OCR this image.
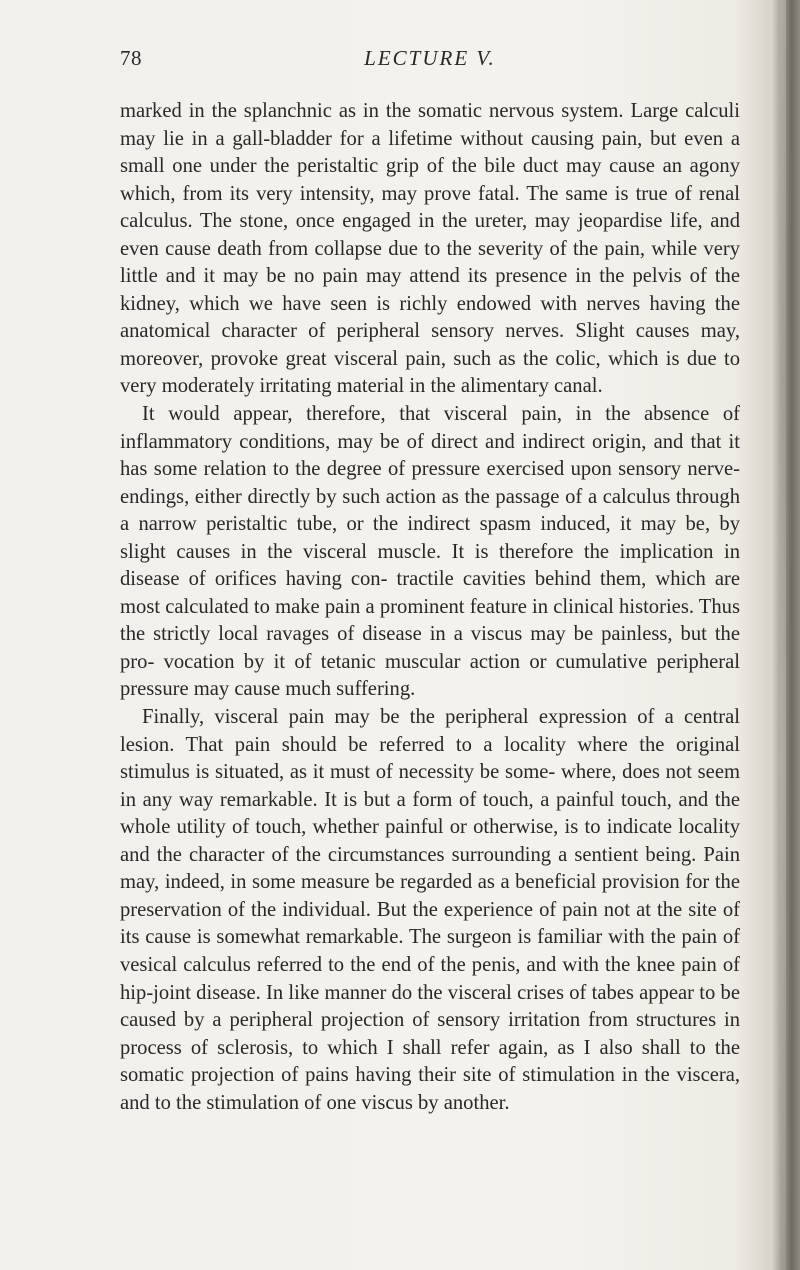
78	LECTURE V.

marked in the splanchnic as in the somatic nervous system. Large calculi may lie in a gall-bladder for a lifetime without causing pain, but even a small one under the peristaltic grip of the bile duct may cause an agony which, from its very intensity, may prove fatal. The same is true of renal calculus. The stone, once engaged in the ureter, may jeopardise life, and even cause death from collapse due to the severity of the pain, while very little and it may be no pain may attend its presence in the pelvis of the kidney, which we have seen is richly endowed with nerves having the anatomical character of peripheral sensory nerves. Slight causes may, moreover, provoke great visceral pain, such as the colic, which is due to very moderately irritating material in the alimentary canal.

It would appear, therefore, that visceral pain, in the absence of inflammatory conditions, may be of direct and indirect origin, and that it has some relation to the degree of pressure exercised upon sensory nerve-endings, either directly by such action as the passage of a calculus through a narrow peristaltic tube, or the indirect spasm induced, it may be, by slight causes in the visceral muscle. It is therefore the implication in disease of orifices having con- tractile cavities behind them, which are most calculated to make pain a prominent feature in clinical histories. Thus the strictly local ravages of disease in a viscus may be painless, but the pro- vocation by it of tetanic muscular action or cumulative peripheral pressure may cause much suffering.

Finally, visceral pain may be the peripheral expression of a central lesion. That pain should be referred to a locality where the original stimulus is situated, as it must of necessity be some- where, does not seem in any way remarkable. It is but a form of touch, a painful touch, and the whole utility of touch, whether painful or otherwise, is to indicate locality and the character of the circumstances surrounding a sentient being. Pain may, indeed, in some measure be regarded as a beneficial provision for the preservation of the individual. But the experience of pain not at the site of its cause is somewhat remarkable. The surgeon is familiar with the pain of vesical calculus referred to the end of the penis, and with the knee pain of hip-joint disease. In like manner do the visceral crises of tabes appear to be caused by a peripheral projection of sensory irritation from structures in process of sclerosis, to which I shall refer again, as I also shall to the somatic projection of pains having their site of stimulation in the viscera, and to the stimulation of one viscus by another.
